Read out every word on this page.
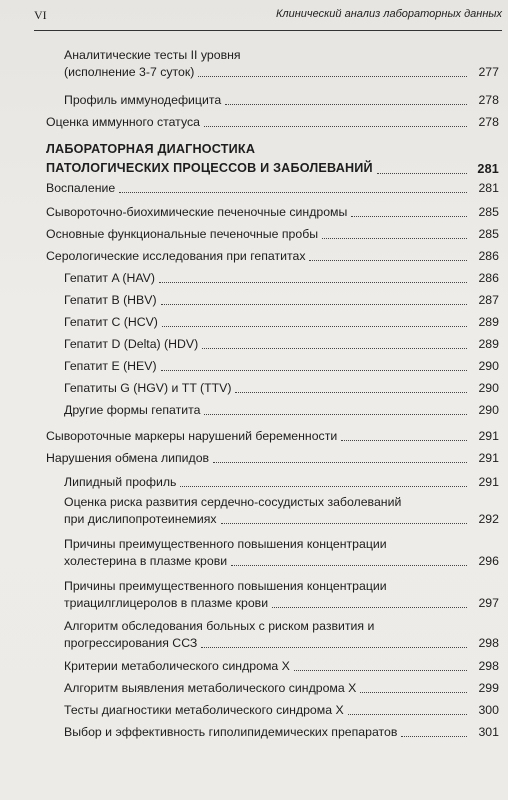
VI	Клинический анализ лабораторных данных
Аналитические тесты II уровня
(исполнение 3-7 суток)	277
Профиль иммунодефицита	278
Оценка иммунного статуса	278
ЛАБОРАТОРНАЯ ДИАГНОСТИКА
ПАТОЛОГИЧЕСКИХ ПРОЦЕССОВ И ЗАБОЛЕВАНИЙ	281
Воспаление	281
Сывороточно-биохимические печеночные синдромы	285
Основные функциональные печеночные пробы	285
Серологические исследования при гепатитах	286
Гепатит A (HAV)	286
Гепатит B (HBV)	287
Гепатит C (HCV)	289
Гепатит D (Delta) (HDV)	289
Гепатит E (HEV)	290
Гепатиты G (HGV) и TT (TTV)	290
Другие формы гепатита	290
Сывороточные маркеры нарушений беременности	291
Нарушения обмена липидов	291
Липидный профиль	291
Оценка риска развития сердечно-сосудистых заболеваний
при дислипопротеинемиях	292
Причины преимущественного повышения концентрации
холестерина в плазме крови	296
Причины преимущественного повышения концентрации
триацилглицеролов в плазме крови	297
Алгоритм обследования больных с риском развития и
прогрессирования ССЗ	298
Критерии метаболического синдрома X	298
Алгоритм выявления метаболического синдрома X	299
Тесты диагностики метаболического синдрома X	300
Выбор и эффективность гиполипидемических препаратов	301
